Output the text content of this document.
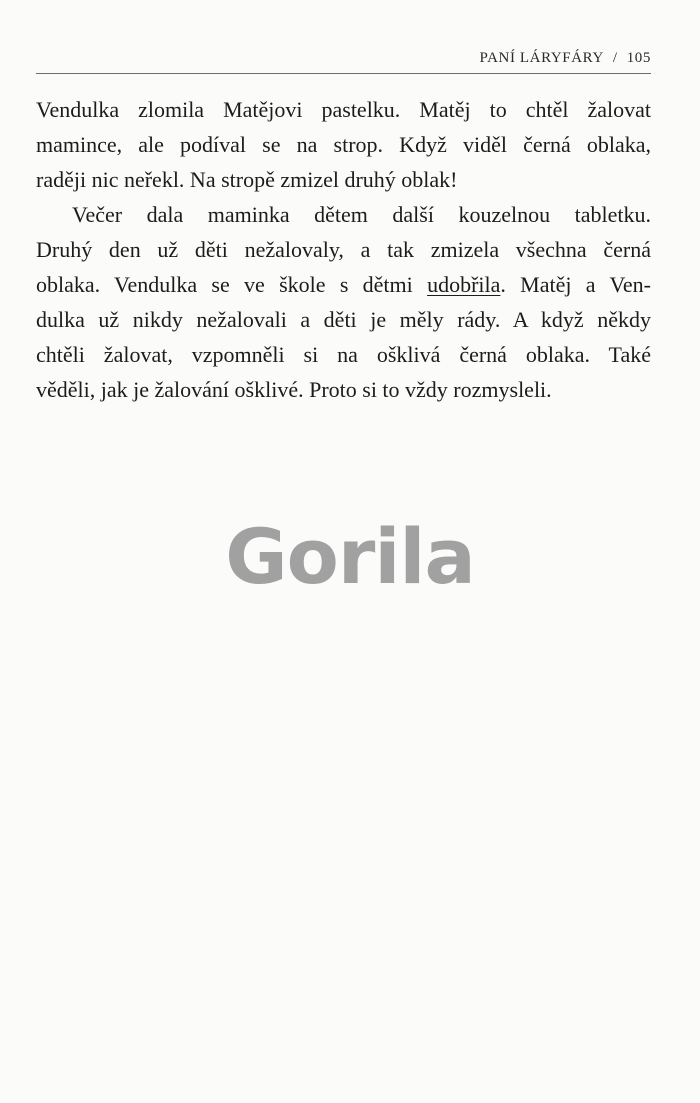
PANÍ LÁRYFÁRY / 105

Vendulka zlomila Matějovi pastelku. Matěj to chtěl žalovat
mamince, ale podíval se na strop. Když viděl černá oblaka,
raději nic neřekl. Na stropě zmizel druhý oblak!

Večer dala maminka dětem další kouzelnou tabletku.
Druhý den už děti nežalovaly, a tak zmizela všechna černá
oblaka. Vendulka se ve škole s dětmi udobřila. Matěj a Ven-
dulka už nikdy nežalovali a děti je měly rády. A když někdy
chtěli žalovat, vzpomněli si na ošklivá černá oblaka. Také
věděli, jak je žalování ošklivé. Proto si to vždy rozmysleli.

Gorila
